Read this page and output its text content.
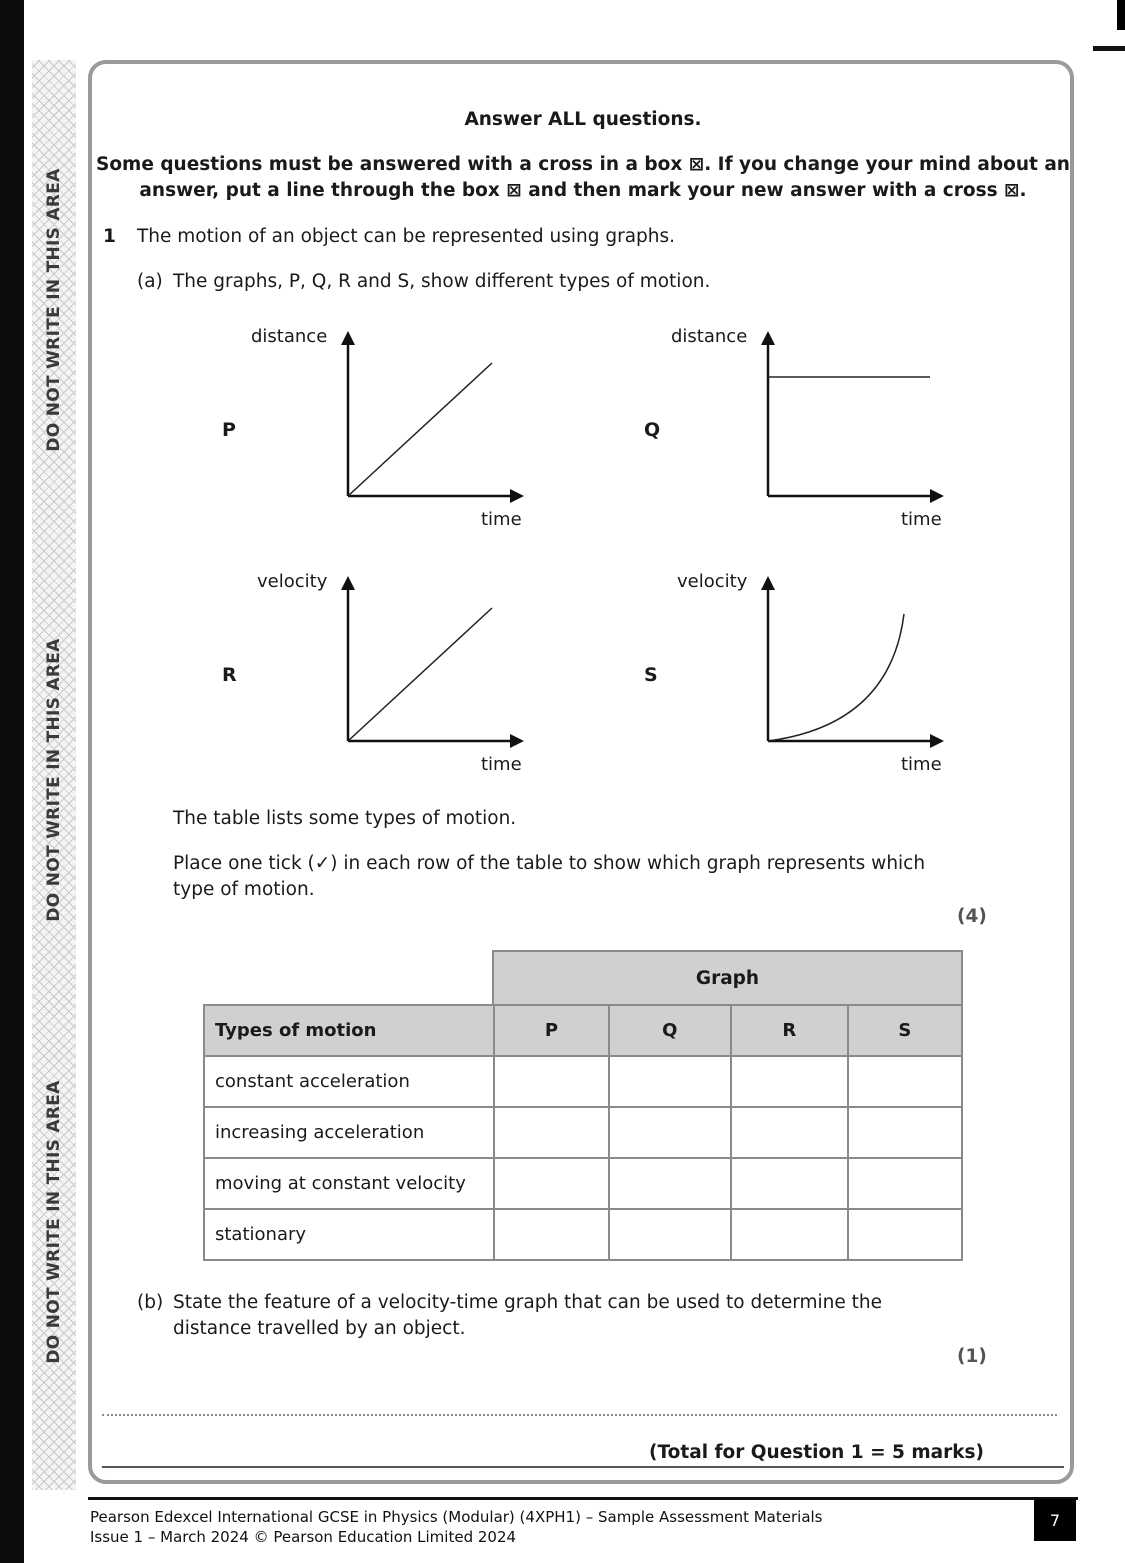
DO NOT WRITE IN THIS AREA
DO NOT WRITE IN THIS AREA
DO NOT WRITE IN THIS AREA
Answer ALL questions.
Some questions must be answered with a cross in a box ⊠. If you change your mind about an
answer, put a line through the box ⊠ and then mark your new answer with a cross ⊠.
1 The motion of an object can be represented using graphs.
(a) The graphs, P, Q, R and S, show different types of motion.
distance
P
time
distance
Q
time
velocity
R
time
velocity
S
time
The table lists some types of motion.
Place one tick (✓) in each row of the table to show which graph represents which
type of motion.
(4)
Graph
Types of motion	P	Q	R	S
constant acceleration				
increasing acceleration				
moving at constant velocity				
stationary				
(b) State the feature of a velocity-time graph that can be used to determine the
distance travelled by an object.
(1)
(Total for Question 1 = 5 marks)
Pearson Edexcel International GCSE in Physics (Modular) (4XPH1) – Sample Assessment Materials
Issue 1 – March 2024 © Pearson Education Limited 2024
7
